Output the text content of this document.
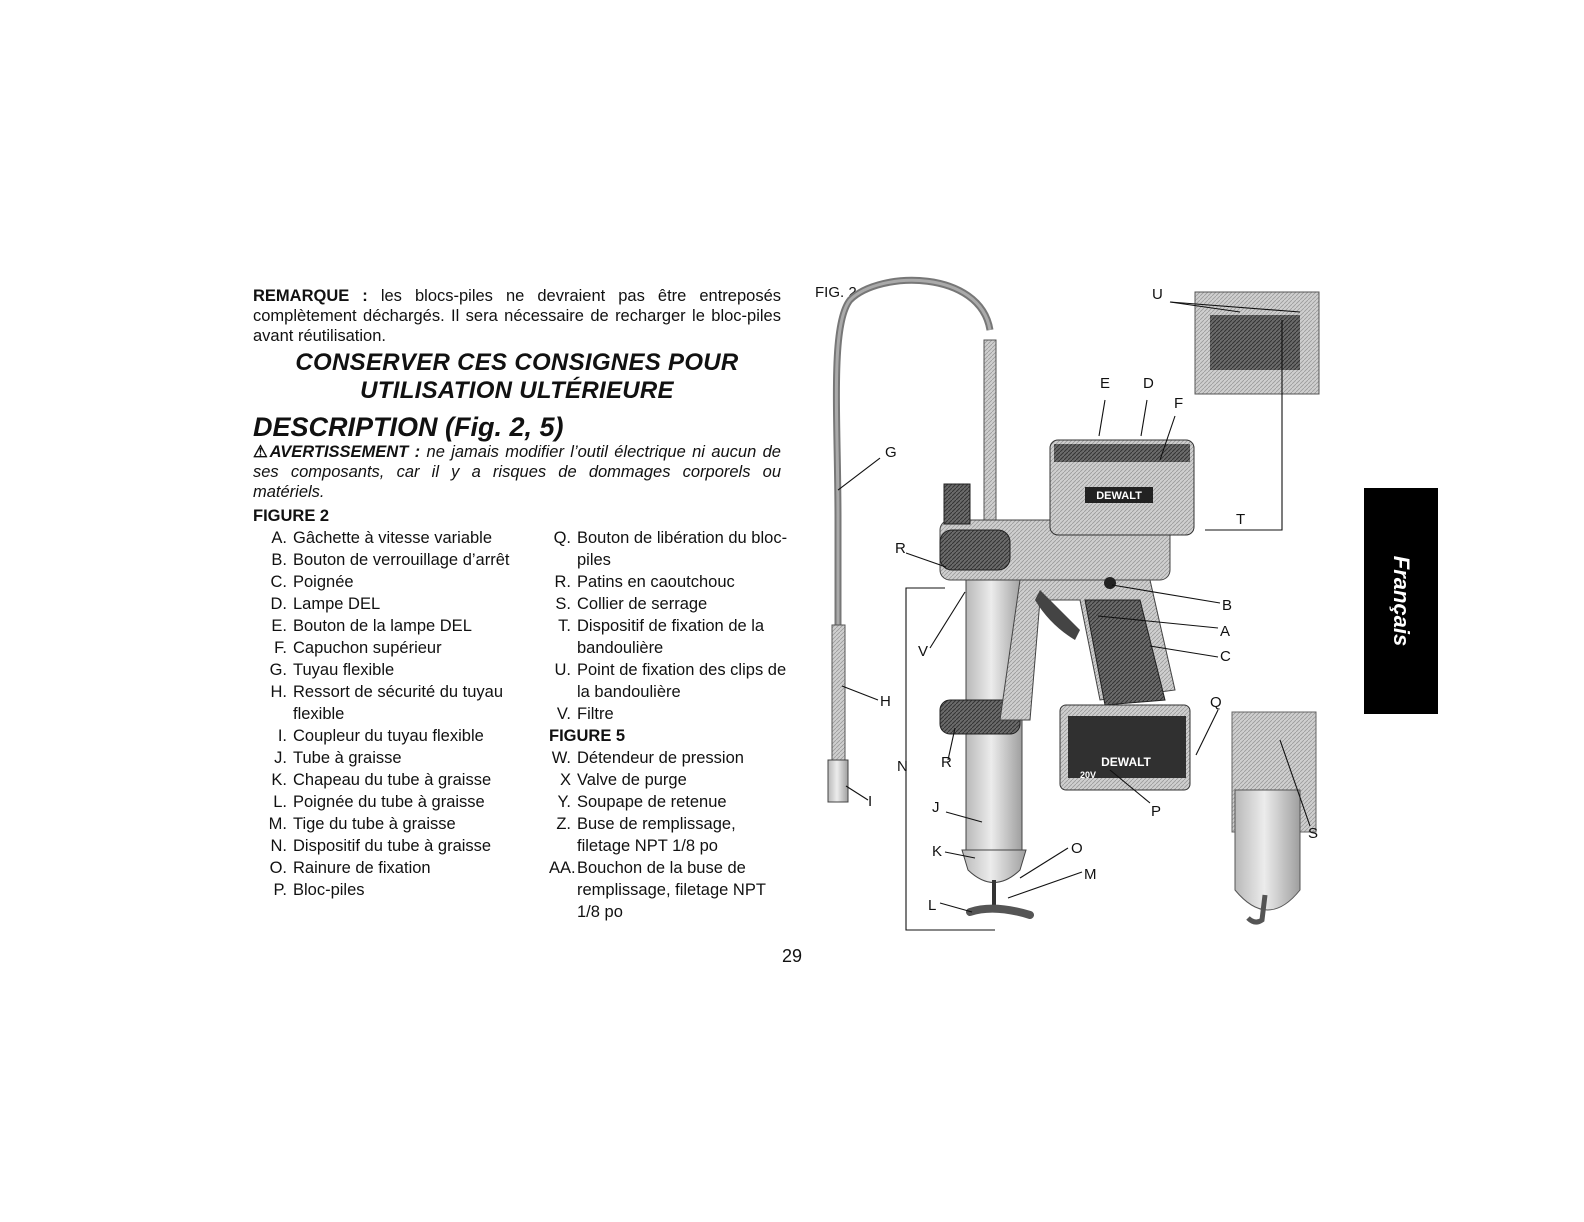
REMARQUE : les blocs-piles ne devraient pas être entreposés complètement déchargés. Il sera nécessaire de recharger le bloc-piles avant réutilisation.

CONSERVER CES CONSIGNES POUR
UTILISATION ULTÉRIEURE
DESCRIPTION (Fig. 2, 5)

⚠AVERTISSEMENT : ne jamais modifier l’outil électrique ni aucun de ses composants, car il y a risques de dommages corporels ou matériels.

FIGURE 2

A. Gâchette à vitesse variable
B. Bouton de verrouillage d’arrêt
C. Poignée
D. Lampe DEL
E. Bouton de la lampe DEL
F. Capuchon supérieur
G. Tuyau flexible
H. Ressort de sécurité du tuyau flexible
I. Coupleur du tuyau flexible
J. Tube à graisse
K. Chapeau du tube à graisse
L. Poignée du tube à graisse
M. Tige du tube à graisse
N. Dispositif du tube à graisse
O. Rainure de fixation
P. Bloc-piles
Q. Bouton de libération du bloc-piles
R. Patins en caoutchouc
S. Collier de serrage
T. Dispositif de fixation de la bandoulière
U. Point de fixation des clips de la bandoulière
V. Filtre

FIGURE 5

W. Détendeur de pression
X Valve de purge
Y. Soupape de retenue
Z. Buse de remplissage, filetage NPT 1/8 po
AA. Bouchon de la buse de remplissage, filetage NPT 1/8 po
29
Français
FIG. 2
DEWALT
DEWALT
20V
U
E D
F
G
T
R
B
A
V	C
H	Q
N R
I
P
S
J
O
K
M
L
